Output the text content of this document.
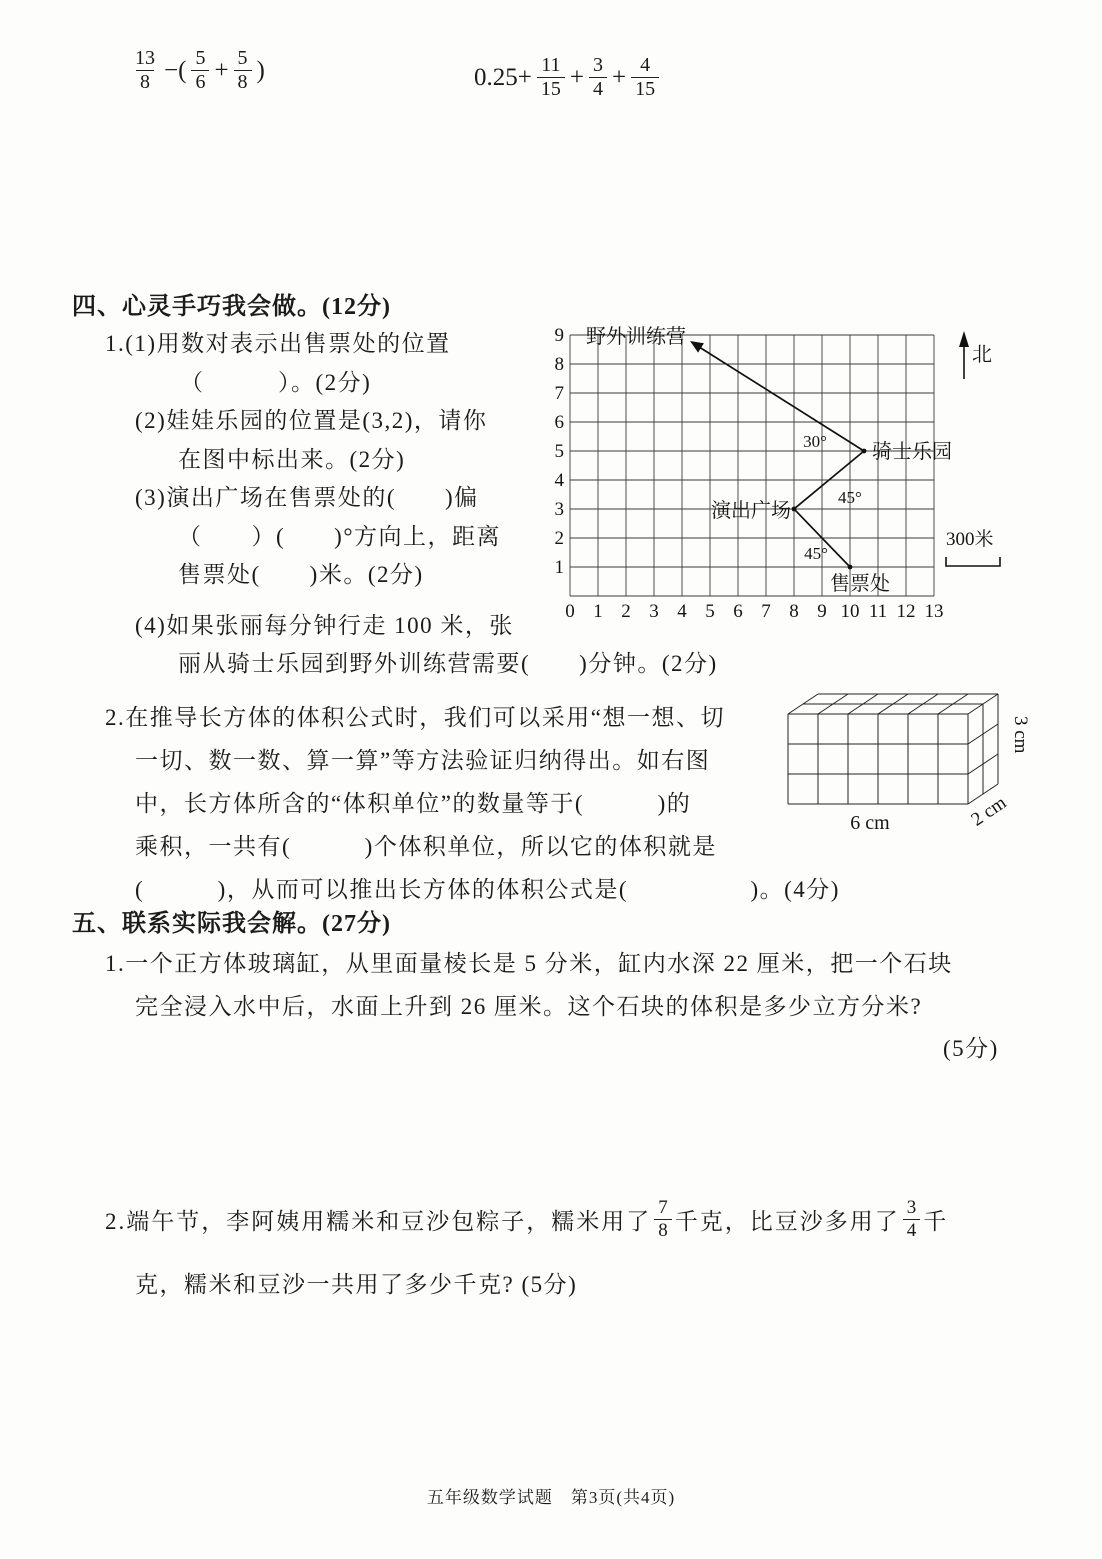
$\frac{13}{8}$ −( $\frac{5}{6} + \frac{5}{8}$ )	$0.25+ \frac{11}{15} + \frac{3}{4} + \frac{4}{15}$
四、心灵手巧我会做。(12分)
1.(1)用数对表示出售票处的位置
（　　　）。(2分)
(2)娃娃乐园的位置是(3,2)，请你
在图中标出来。(2分)
(3)演出广场在售票处的(　　)偏
（　　）(　　)°方向上，距离
售票处(　　)米。(2分)
(4)如果张丽每分钟行走 100 米，张
丽从骑士乐园到野外训练营需要(　　)分钟。(2分)
0 1 2 3 4 5 6 7 8 9 10 11 12 13
9
8
7
6
5
4
3
2
1
野外训练营
骑士乐园
演出广场
售票处
30°
45°
45°
北
300米
2.在推导长方体的体积公式时，我们可以采用“想一想、切
一切、数一数、算一算”等方法验证归纳得出。如右图
中，长方体所含的“体积单位”的数量等于(　　　)的
乘积，一共有(　　　)个体积单位，所以它的体积就是
(　　　)，从而可以推出长方体的体积公式是(　　　　　)。(4分)
6 cm	2 cm
3 cm
五、联系实际我会解。(27分)
1.一个正方体玻璃缸，从里面量棱长是 5 分米，缸内水深 22 厘米，把一个石块
完全浸入水中后，水面上升到 26 厘米。这个石块的体积是多少立方分米?
(5分)
2.端午节，李阿姨用糯米和豆沙包粽子，糯米用了 $\frac{7}{8}$ 千克，比豆沙多用了 $\frac{3}{4}$ 千
克，糯米和豆沙一共用了多少千克? (5分)
五年级数学试题　第3页(共4页)
